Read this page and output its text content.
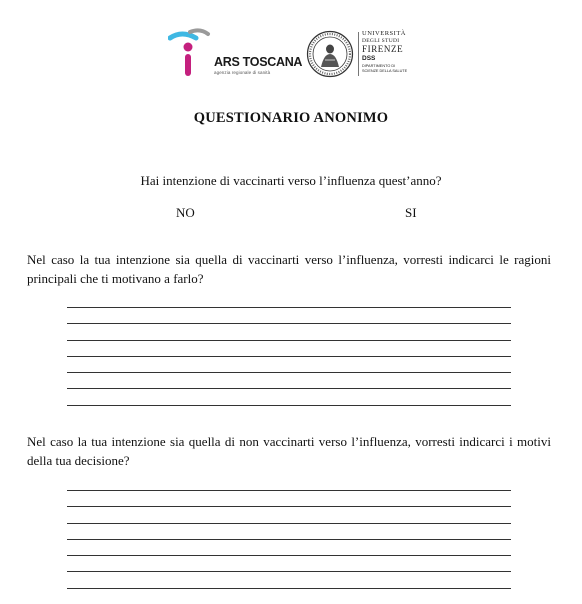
ARS TOSCANA
agenzia regionale di sanità
UNIVERSITÀ
DEGLI STUDI
FIRENZE
DSS
DIPARTIMENTO DI
SCIENZE DELLA SALUTE
QUESTIONARIO ANONIMO
Hai intenzione di vaccinarti verso l’influenza quest’anno?
NO	SI
Nel caso la tua intenzione sia quella di vaccinarti verso l’influenza, vorresti indicarci le ragioni principali che ti motivano a farlo?
Nel caso la tua intenzione sia quella di non vaccinarti verso l’influenza, vorresti indicarci i motivi della tua decisione?
